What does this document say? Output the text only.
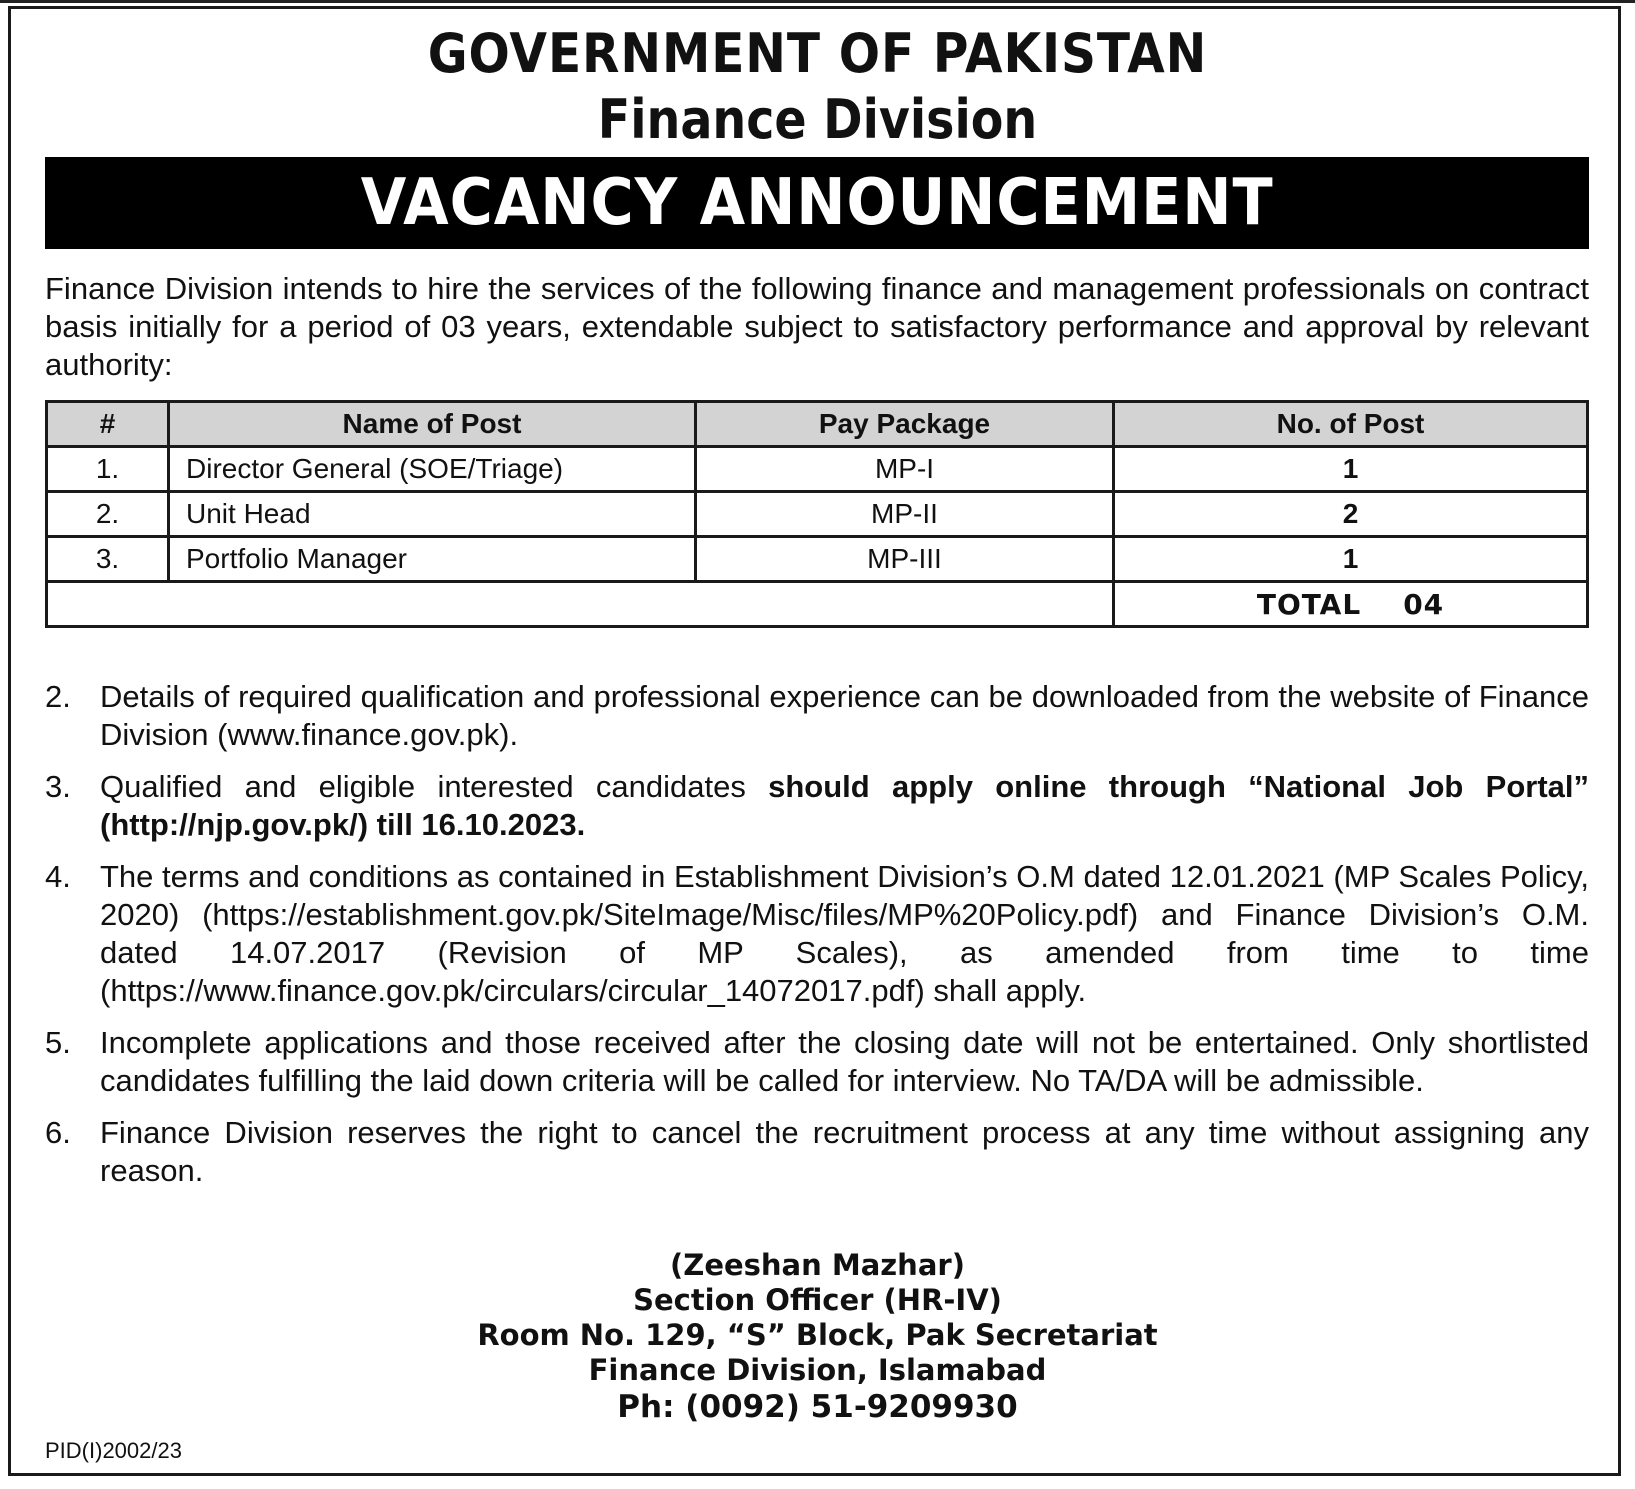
GOVERNMENT OF PAKISTAN
Finance Division
VACANCY ANNOUNCEMENT
Finance Division intends to hire the services of the following finance and management professionals on contract basis initially for a period of 03 years, extendable subject to satisfactory performance and approval by relevant authority:
#	Name of Post	Pay Package	No. of Post
1.	Director General (SOE/Triage)	MP-I	1
2.	Unit Head	MP-II	2
3.	Portfolio Manager	MP-III	1
			TOTAL 04
2. Details of required qualification and professional experience can be downloaded from the website of Finance Division (www.finance.gov.pk).
3. Qualified and eligible interested candidates should apply online through “National Job Portal” (http://njp.gov.pk/) till 16.10.2023.
4. The terms and conditions as contained in Establishment Division’s O.M dated 12.01.2021 (MP Scales Policy, 2020) (https://establishment.gov.pk/SiteImage/Misc/files/MP%20Policy.pdf) and Finance Division’s O.M. dated 14.07.2017 (Revision of MP Scales), as amended from time to time (https://www.finance.gov.pk/circulars/circular_14072017.pdf) shall apply.
5. Incomplete applications and those received after the closing date will not be entertained. Only shortlisted candidates fulfilling the laid down criteria will be called for interview. No TA/DA will be admissible.
6. Finance Division reserves the right to cancel the recruitment process at any time without assigning any reason.
(Zeeshan Mazhar)
Section Officer (HR-IV)
Room No. 129, “S” Block, Pak Secretariat
Finance Division, Islamabad
Ph: (0092) 51-9209930
PID(I)2002/23
